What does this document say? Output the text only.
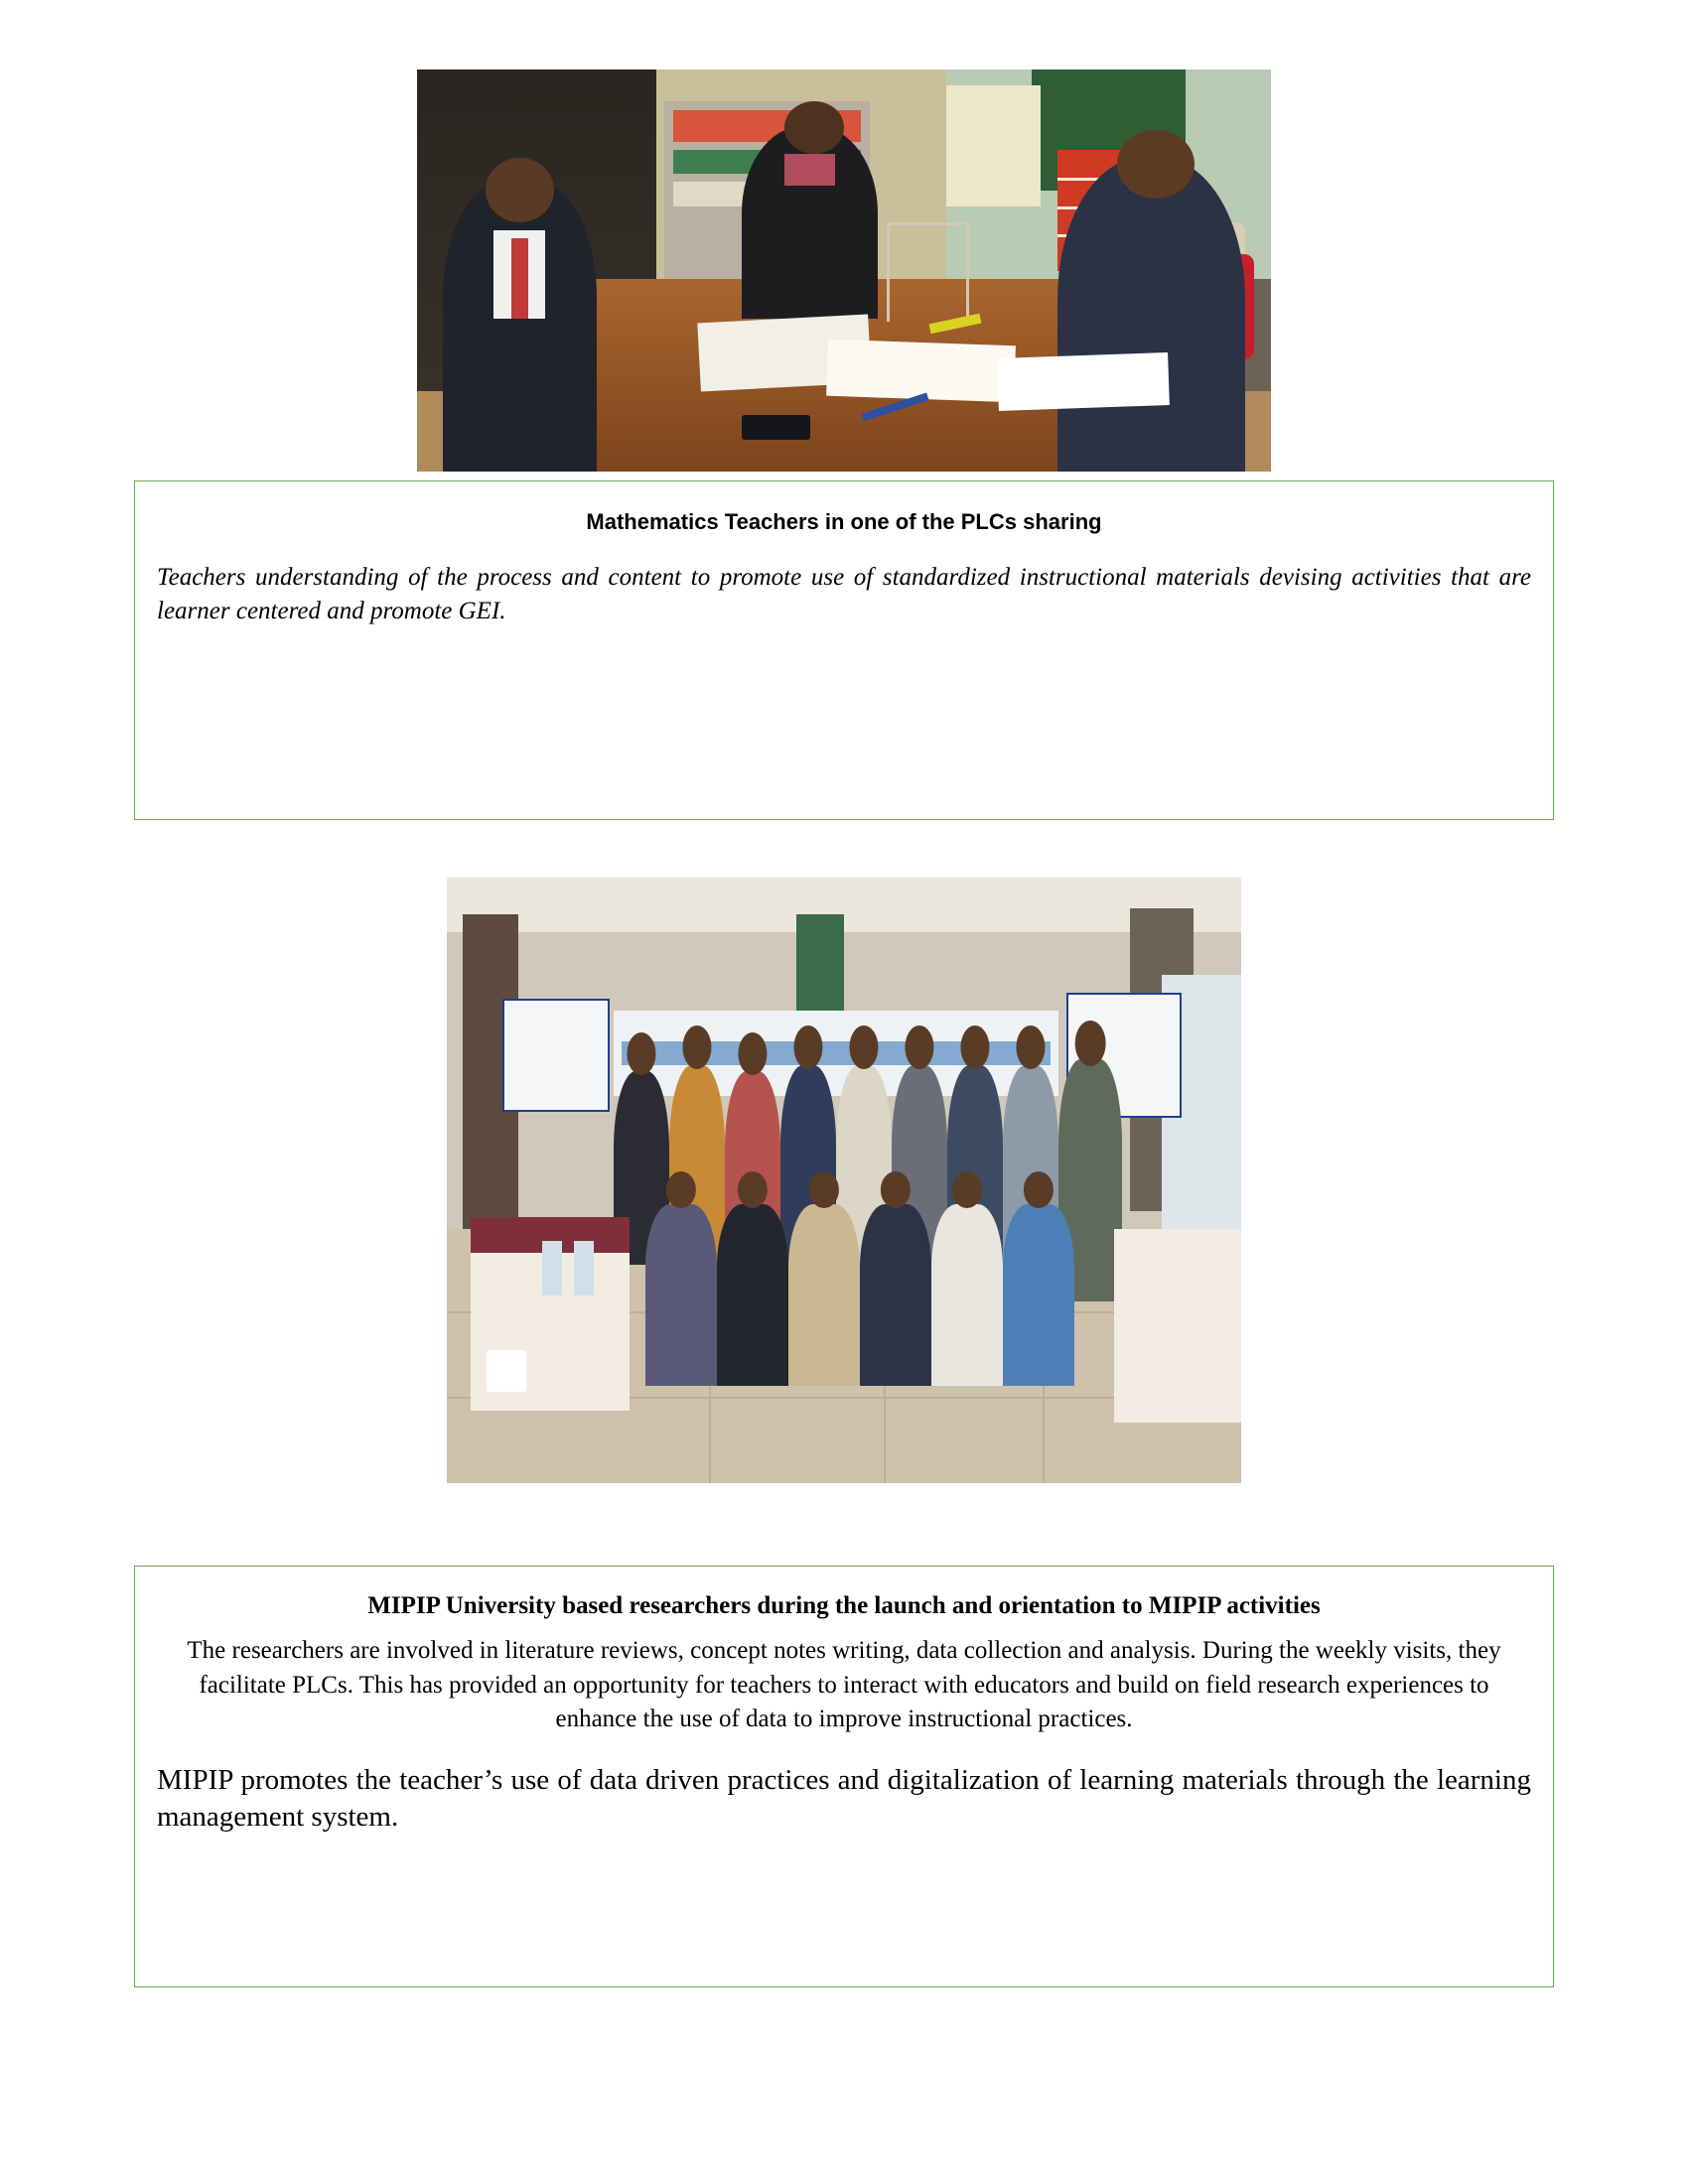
Mathematics Teachers in one of the PLCs sharing

Teachers understanding of the process and content to promote use of standardized instructional materials devising activities that are learner centered and promote GEI.

MIPIP University based researchers during the launch and orientation to MIPIP activities

The researchers are involved in literature reviews, concept notes writing, data collection and analysis. During the weekly visits, they facilitate PLCs. This has provided an opportunity for teachers to interact with educators and build on field research experiences to enhance the use of data to improve instructional practices.

MIPIP promotes the teacher’s use of data driven practices and digitalization of learning materials through the learning management system.
